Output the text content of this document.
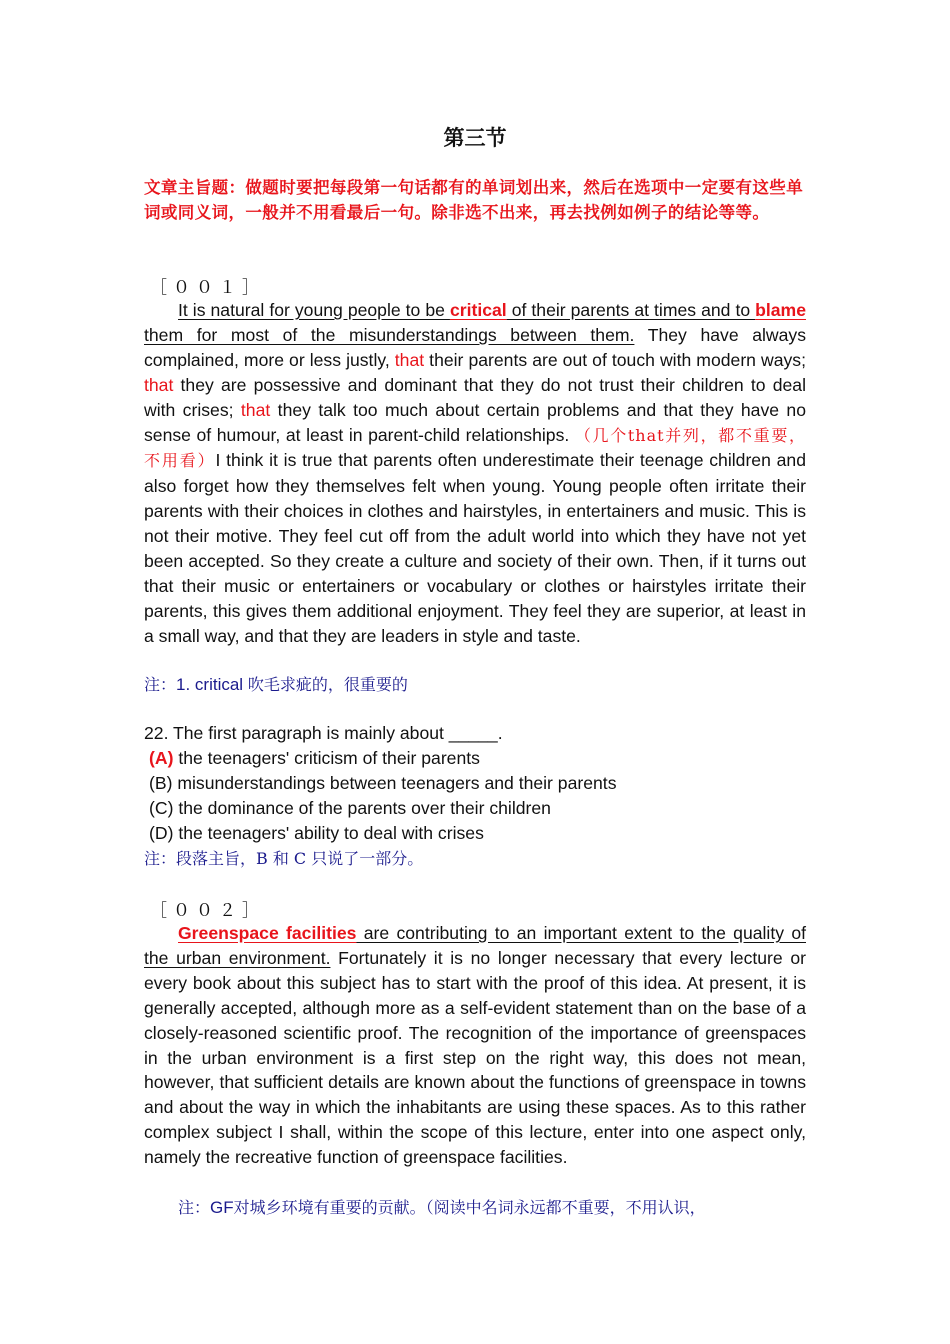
第三节
文章主旨题：做题时要把每段第一句话都有的单词划出来，然后在选项中一定要有这些单词或同义词，一般并不用看最后一句。除非选不出来，再去找例如例子的结论等等。
［００１］
It is natural for young people to be critical of their parents at times and to blame them for most of the misunderstandings between them. They have always complained, more or less justly, that their parents are out of touch with modern ways; that they are possessive and dominant that they do not trust their children to deal with crises; that they talk too much about certain problems and that they have no sense of humour, at least in parent-child relationships. （几个that并列，都不重要，不用看）I think it is true that parents often underestimate their teenage children and also forget how they themselves felt when young. Young people often irritate their parents with their choices in clothes and hairstyles, in entertainers and music. This is not their motive. They feel cut off from the adult world into which they have not yet been accepted. So they create a culture and society of their own. Then, if it turns out that their music or entertainers or vocabulary or clothes or hairstyles irritate their parents, this gives them additional enjoyment. They feel they are superior, at least in a small way, and that they are leaders in style and taste.
注：1. critical 吹毛求疵的，很重要的
22. The first paragraph is mainly about _____.
(A) the teenagers' criticism of their parents
(B) misunderstandings between teenagers and their parents
(C) the dominance of the parents over their children
(D) the teenagers' ability to deal with crises
注：段落主旨，B 和 C 只说了一部分。
［００２］
Greenspace facilities are contributing to an important extent to the quality of the urban environment. Fortunately it is no longer necessary that every lecture or every book about this subject has to start with the proof of this idea. At present, it is generally accepted, although more as a self-evident statement than on the base of a closely-reasoned scientific proof. The recognition of the importance of greenspaces in the urban environment is a first step on the right way, this does not mean, however, that sufficient details are known about the functions of greenspace in towns and about the way in which the inhabitants are using these spaces. As to this rather complex subject I shall, within the scope of this lecture, enter into one aspect only, namely the recreative function of greenspace facilities.
注：GF对城乡环境有重要的贡献。（阅读中名词永远都不重要，不用认识，
